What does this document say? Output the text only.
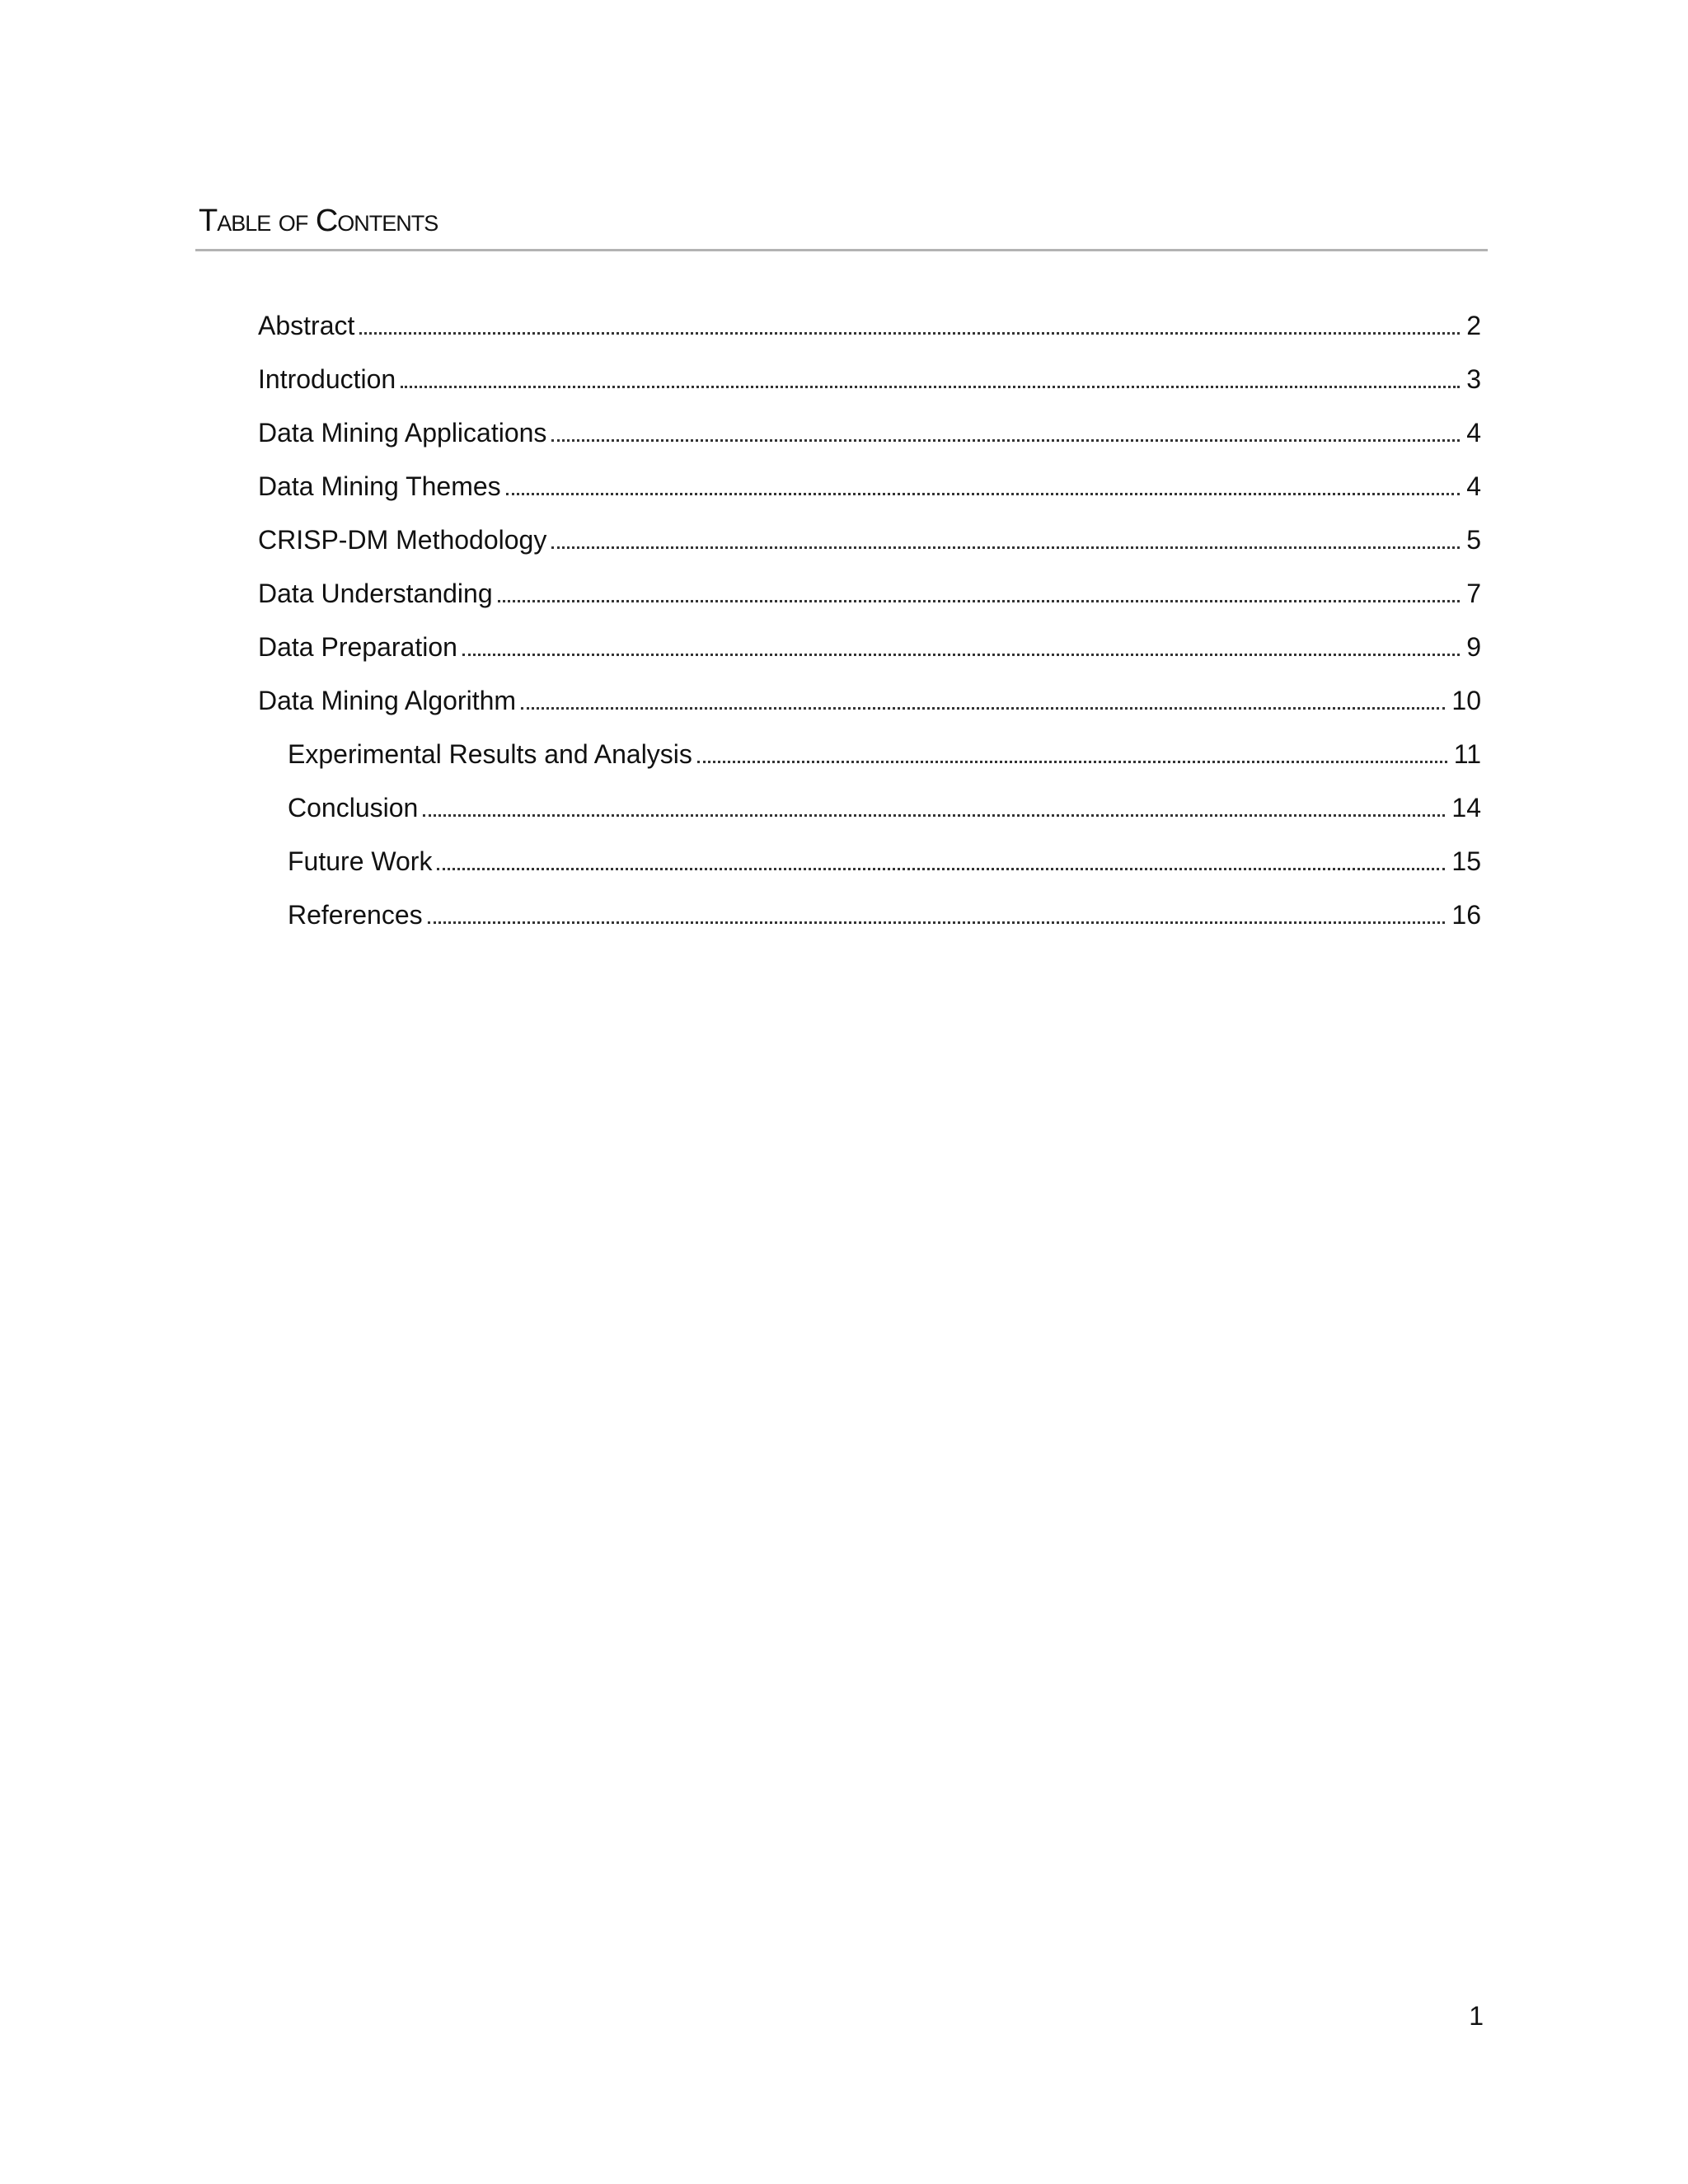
Table of Contents
Abstract	2
Introduction	3
Data Mining Applications	4
Data Mining Themes	4
CRISP-DM Methodology	5
Data Understanding	7
Data Preparation	9
Data Mining Algorithm	10
Experimental Results and Analysis	11
Conclusion	14
Future Work	15
References	16
1
